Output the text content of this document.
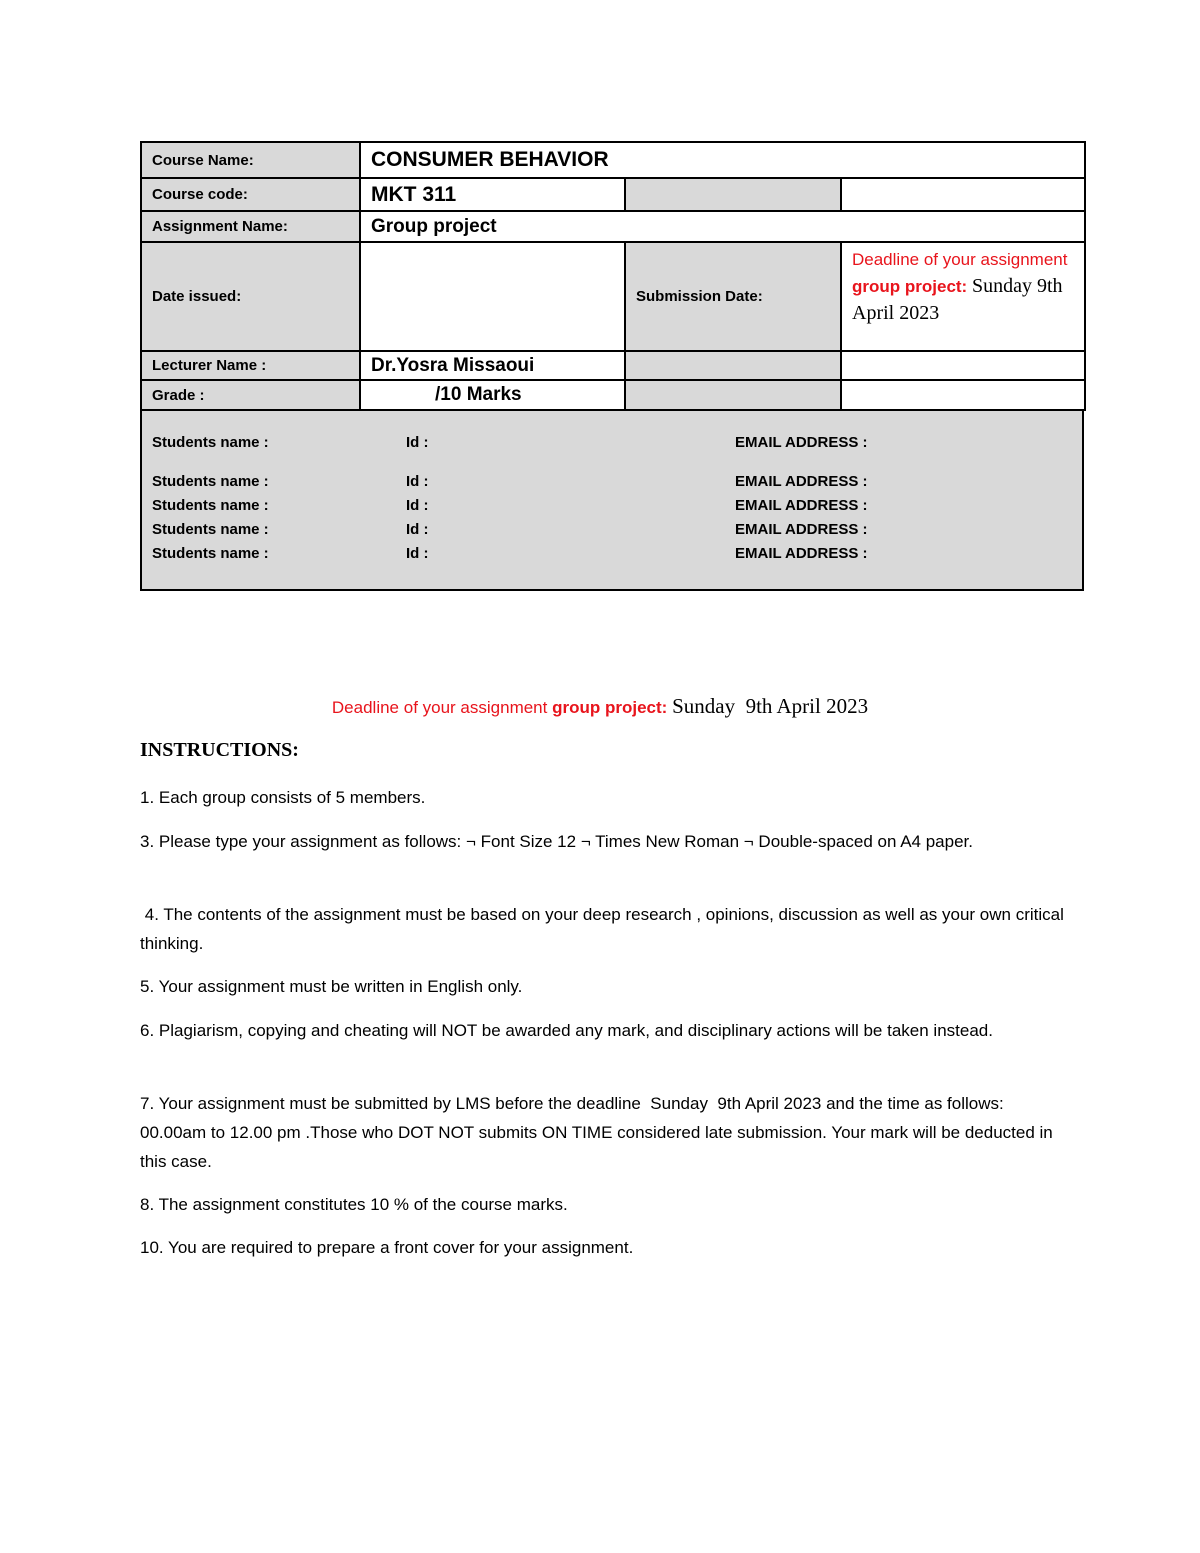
Course Name:	CONSUMER BEHAVIOR		
Course code:	MKT 311		
Assignment Name:	Group project		
Date issued:		Submission Date:	Deadline of your assignment group project: Sunday 9th April 2023
Lecturer Name :	Dr.Yosra Missaoui		
Grade :	/10 Marks		
Students name :	Id :	EMAIL ADDRESS :
Students name :	Id :	EMAIL ADDRESS :
Students name :	Id :	EMAIL ADDRESS :
Students name :	Id :	EMAIL ADDRESS :
Students name :	Id :	EMAIL ADDRESS :
Deadline of your assignment group project: Sunday  9th April 2023
INSTRUCTIONS:
1. Each group consists of 5 members.
3. Please type your assignment as follows: ¬ Font Size 12 ¬ Times New Roman ¬ Double-spaced on A4 paper.
4. The contents of the assignment must be based on your deep research , opinions, discussion as well as your own critical thinking.
5. Your assignment must be written in English only.
6. Plagiarism, copying and cheating will NOT be awarded any mark, and disciplinary actions will be taken instead.
7. Your assignment must be submitted by LMS before the deadline  Sunday  9th April 2023 and the time as follows: 00.00am to 12.00 pm .Those who DOT NOT submits ON TIME considered late submission. Your mark will be deducted in this case.
8. The assignment constitutes 10 % of the course marks.
10. You are required to prepare a front cover for your assignment.
